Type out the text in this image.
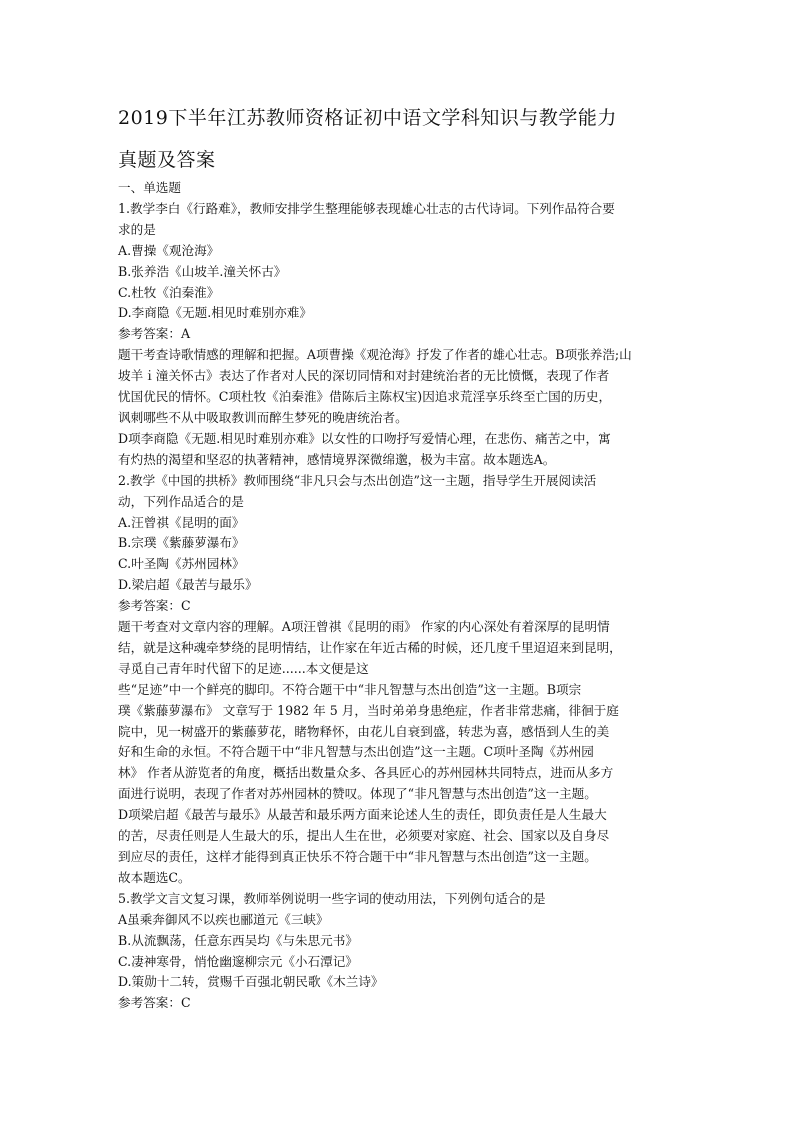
2019下半年江苏教师资格证初中语文学科知识与教学能力
真题及答案

一、单选题

1.教学李白《行路难》，教师安排学生整理能够表现雄心壮志的古代诗词。下列作品符合要

求的是

A.曹操《观沧海》

B.张养浩《山坡羊.潼关怀古》

C.杜牧《泊秦淮》

D.李商隐《无题.相见时难别亦难》

参考答案：A

题干考查诗歌情感的理解和把握。A项曹操《观沧海》抒发了作者的雄心壮志。B项张养浩;山

坡羊ｉ潼关怀古》表达了作者对人民的深切同情和对封建统治者的无比愤慨，表现了作者

忧国优民的情怀。C项杜牧《泊秦淮》借陈后主陈权宝)因追求荒淫享乐终至亡国的历史，

讽刺哪些不从中吸取教训而醉生梦死的晚唐统治者。

D项李商隐《无题.相见时难别亦难》以女性的口吻抒写爱情心理，在悲伤、痛苦之中，寓

有灼热的渴望和坚忍的执著精神，感情境界深微绵邈，极为丰富。故本题选A。

2.教学《中国的拱桥》教师围绕“非凡只会与杰出创造”这一主题，指导学生开展阅读活

动，下列作品适合的是

A.汪曾祺《昆明的面》

B.宗璞《紫藤萝瀑布》

C.叶圣陶《苏州园林》

D.梁启超《最苦与最乐》

参考答案：C

题干考查对文章内容的理解。A项汪曾祺《昆明的雨》 作家的内心深处有着深厚的昆明情

结，就是这种魂牵梦绕的昆明情结，让作家在年近古稀的时候，还几度千里迢迢来到昆明，

寻觅自己青年时代留下的足迹......本文便是这

些“足迹”中一个鲜亮的脚印。不符合题干中“非凡智慧与杰出创造”这一主题。B项宗

璞《紫藤萝瀑布》 文章写于 1982 年 5 月，当时弟弟身患绝症，作者非常悲痛，徘徊于庭

院中，见一树盛开的紫藤萝花，睹物释怀，由花儿自衰到盛，转悲为喜，感悟到人生的美

好和生命的永恒。不符合题干中“非凡智慧与杰出创造”这一主题。C项叶圣陶《苏州园

林》 作者从游览者的角度，概括出数量众多、各具匠心的苏州园林共同特点，进而从多方

面进行说明，表现了作者对苏州园林的赞叹。体现了“非凡智慧与杰出创造”这一主题。

D项梁启超《最苦与最乐》从最苦和最乐两方面来论述人生的责任，即负责任是人生最大

的苦，尽责任则是人生最大的乐，提出人生在世，必须要对家庭、社会、国家以及自身尽

到应尽的责任，这样才能得到真正快乐不符合题干中“非凡智慧与杰出创造”这一主题。

故本题选C。

5.教学文言文复习课，教师举例说明一些字词的使动用法，下列例句适合的是

A虽乘奔御风不以疾也郦道元《三峡》

B.从流飘荡，任意东西吴均《与朱思元书》

C.凄神寒骨，悄怆幽邃柳宗元《小石潭记》

D.策勋十二转，赏赐千百强北朝民歌《木兰诗》

参考答案：C
